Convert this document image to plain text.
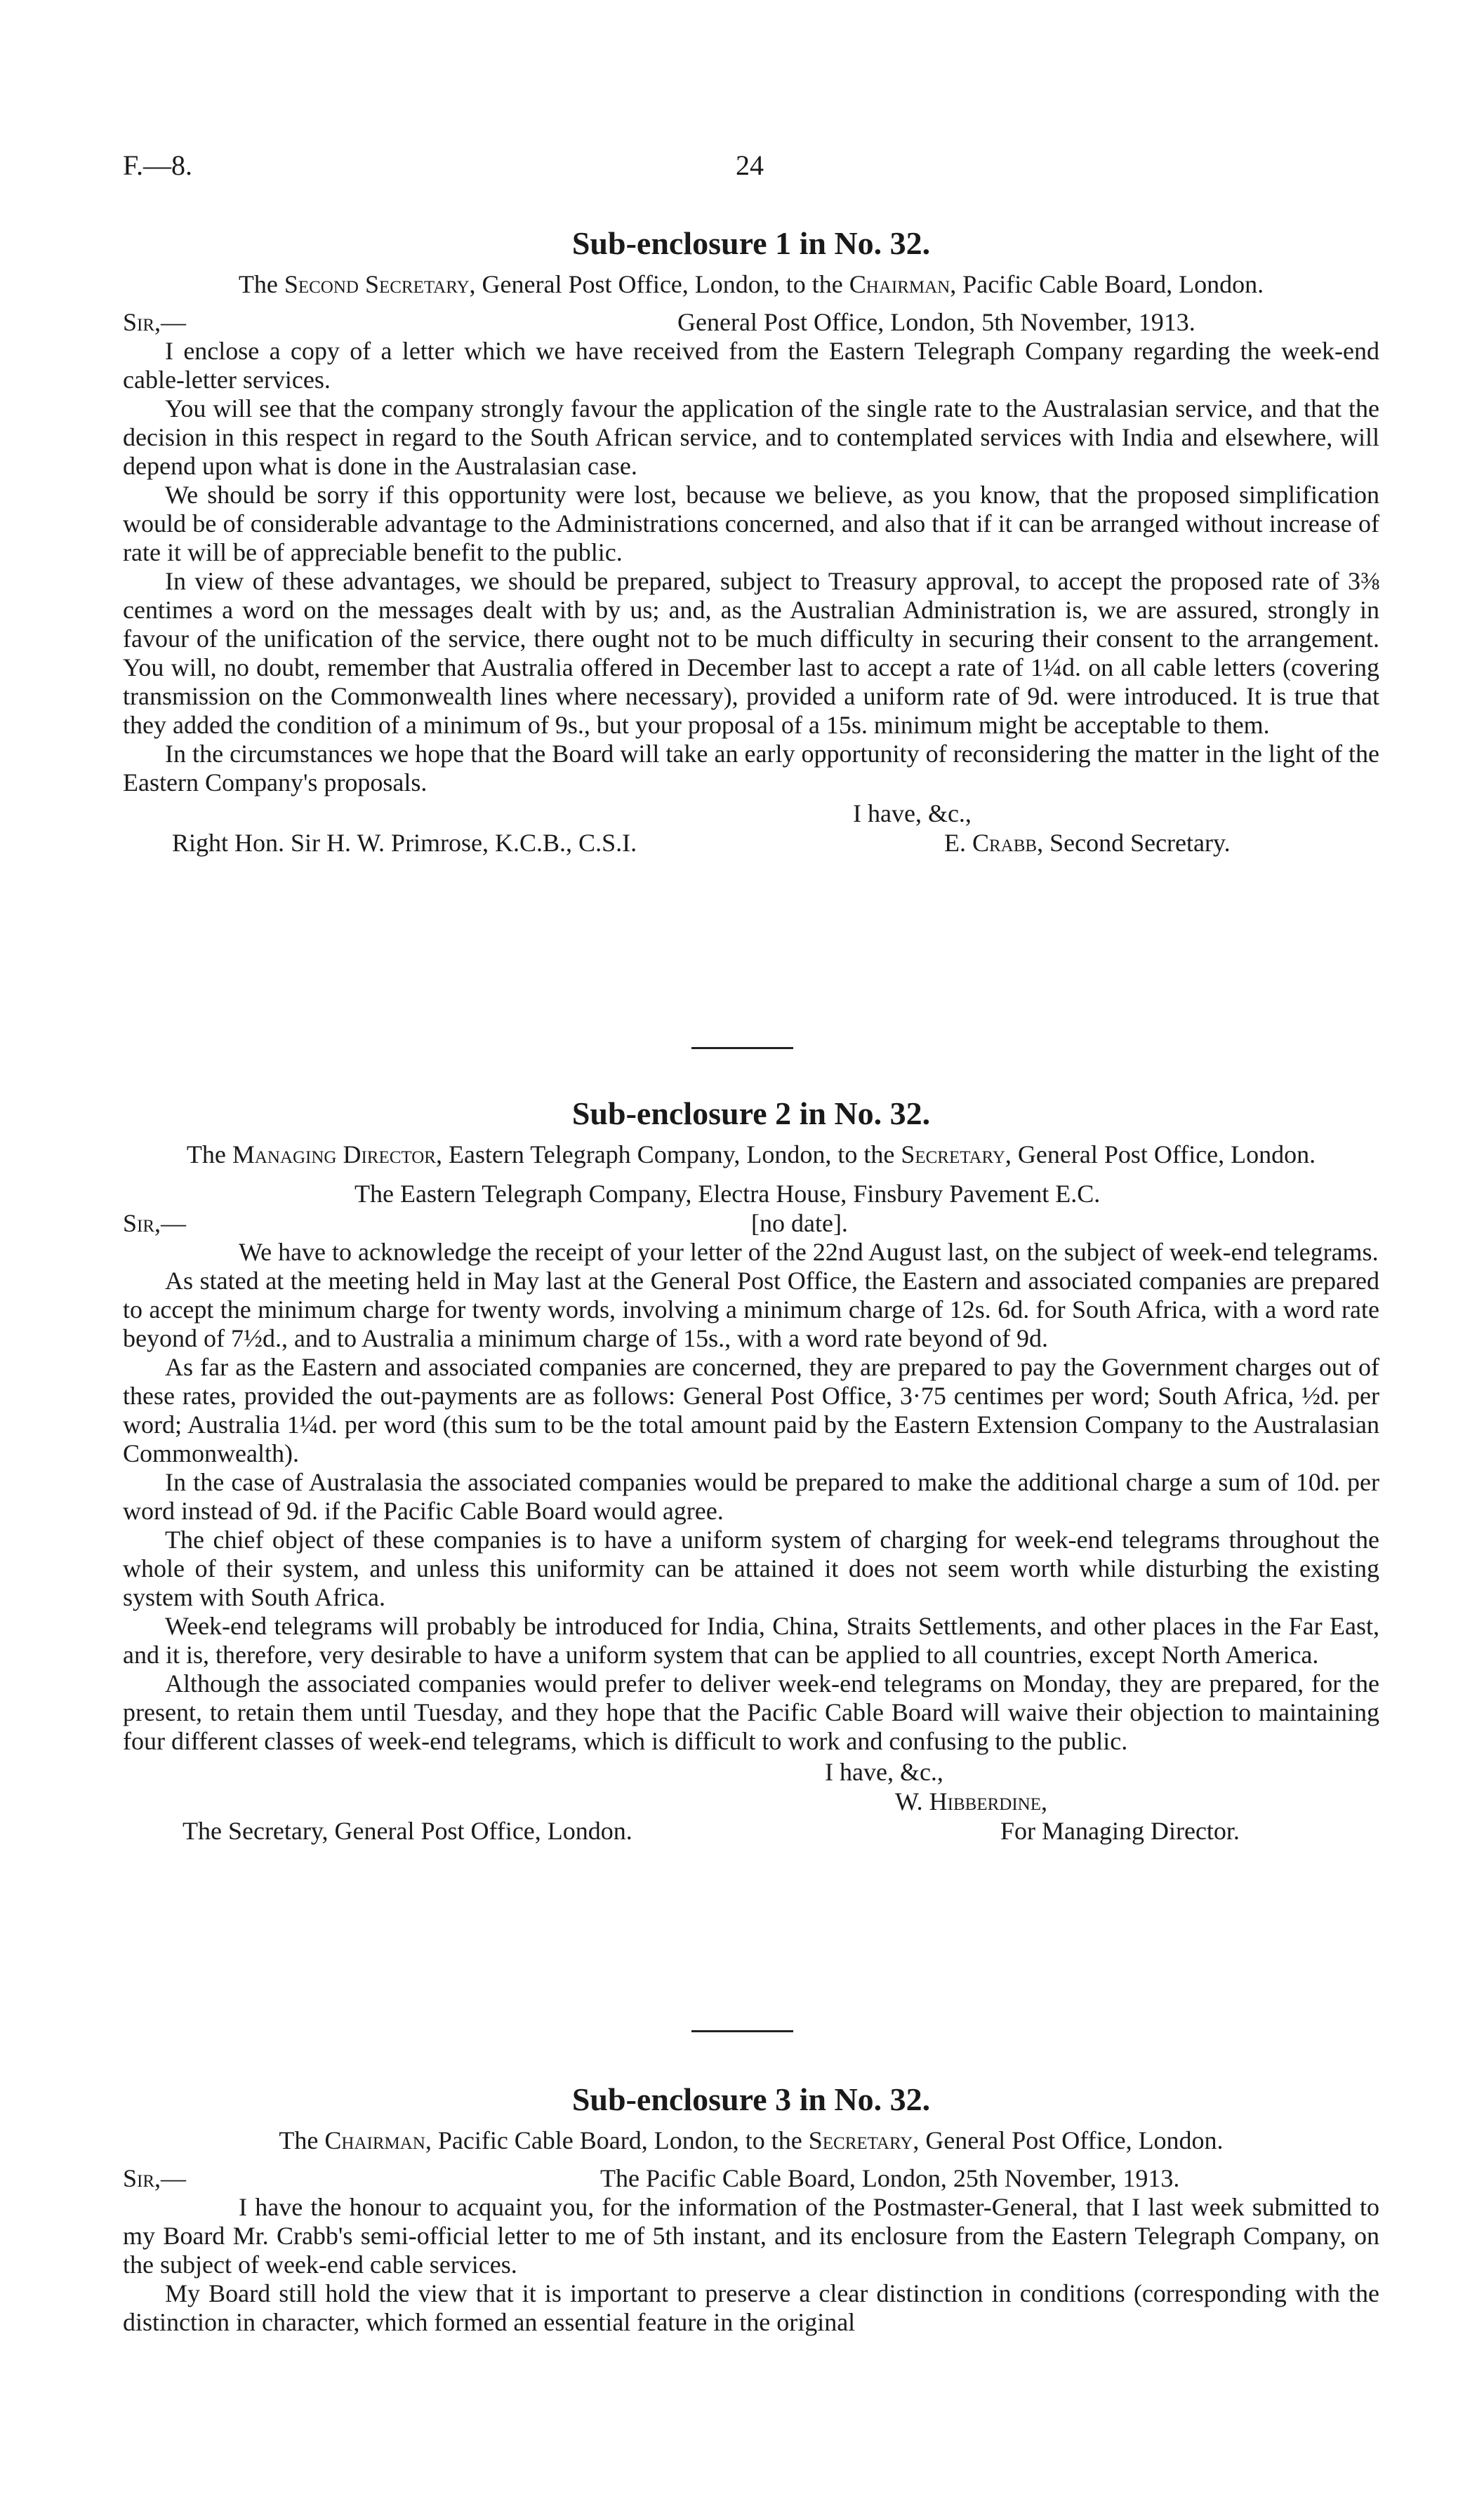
F.—8.	24
Sub-enclosure 1 in No. 32.

The Second Secretary, General Post Office, London, to the Chairman, Pacific Cable Board, London.

Sir,—	General Post Office, London, 5th November, 1913.

I enclose a copy of a letter which we have received from the Eastern Telegraph Company regarding the week-end cable-letter services.

You will see that the company strongly favour the application of the single rate to the Australasian service, and that the decision in this respect in regard to the South African service, and to contemplated services with India and elsewhere, will depend upon what is done in the Australasian case.

We should be sorry if this opportunity were lost, because we believe, as you know, that the proposed simplification would be of considerable advantage to the Administrations concerned, and also that if it can be arranged without increase of rate it will be of appreciable benefit to the public.

In view of these advantages, we should be prepared, subject to Treasury approval, to accept the proposed rate of 3⅜ centimes a word on the messages dealt with by us; and, as the Australian Administration is, we are assured, strongly in favour of the unification of the service, there ought not to be much difficulty in securing their consent to the arrangement. You will, no doubt, remember that Australia offered in December last to accept a rate of 1¼d. on all cable letters (covering transmission on the Commonwealth lines where necessary), provided a uniform rate of 9d. were introduced. It is true that they added the condition of a minimum of 9s., but your proposal of a 15s. minimum might be acceptable to them.

In the circumstances we hope that the Board will take an early opportunity of reconsidering the matter in the light of the Eastern Company's proposals.

I have, &c.,
Right Hon. Sir H. W. Primrose, K.C.B., C.S.I.	E. Crabb, Second Secretary.
Sub-enclosure 2 in No. 32.

The Managing Director, Eastern Telegraph Company, London, to the Secretary, General Post Office, London.

The Eastern Telegraph Company, Electra House, Finsbury Pavement E.C.
Sir,—	[no date].

We have to acknowledge the receipt of your letter of the 22nd August last, on the subject of week-end telegrams.

As stated at the meeting held in May last at the General Post Office, the Eastern and associated companies are prepared to accept the minimum charge for twenty words, involving a minimum charge of 12s. 6d. for South Africa, with a word rate beyond of 7½d., and to Australia a minimum charge of 15s., with a word rate beyond of 9d.

As far as the Eastern and associated companies are concerned, they are prepared to pay the Government charges out of these rates, provided the out-payments are as follows: General Post Office, 3·75 centimes per word; South Africa, ½d. per word; Australia 1¼d. per word (this sum to be the total amount paid by the Eastern Extension Company to the Australasian Commonwealth).

In the case of Australasia the associated companies would be prepared to make the additional charge a sum of 10d. per word instead of 9d. if the Pacific Cable Board would agree.

The chief object of these companies is to have a uniform system of charging for week-end telegrams throughout the whole of their system, and unless this uniformity can be attained it does not seem worth while disturbing the existing system with South Africa.

Week-end telegrams will probably be introduced for India, China, Straits Settlements, and other places in the Far East, and it is, therefore, very desirable to have a uniform system that can be applied to all countries, except North America.

Although the associated companies would prefer to deliver week-end telegrams on Monday, they are prepared, for the present, to retain them until Tuesday, and they hope that the Pacific Cable Board will waive their objection to maintaining four different classes of week-end telegrams, which is difficult to work and confusing to the public.

I have, &c.,
W. Hibberdine,
The Secretary, General Post Office, London.	For Managing Director.
Sub-enclosure 3 in No. 32.

The Chairman, Pacific Cable Board, London, to the Secretary, General Post Office, London.

Sir,—	The Pacific Cable Board, London, 25th November, 1913.

I have the honour to acquaint you, for the information of the Postmaster-General, that I last week submitted to my Board Mr. Crabb's semi-official letter to me of 5th instant, and its enclosure from the Eastern Telegraph Company, on the subject of week-end cable services.

My Board still hold the view that it is important to preserve a clear distinction in conditions (corresponding with the distinction in character, which formed an essential feature in the original
